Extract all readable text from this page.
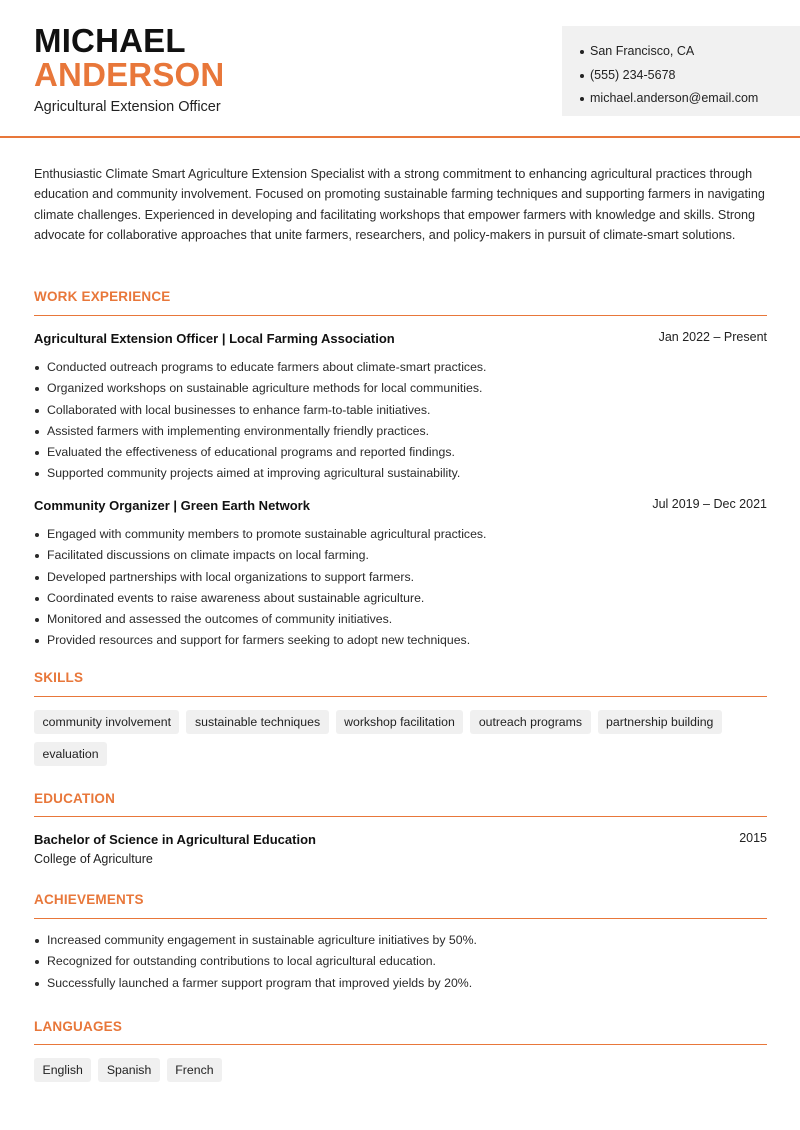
MICHAEL
ANDERSON
Agricultural Extension Officer
San Francisco, CA
(555) 234-5678
michael.anderson@email.com

Enthusiastic Climate Smart Agriculture Extension Specialist with a strong commitment to enhancing agricultural practices through education and community involvement. Focused on promoting sustainable farming techniques and supporting farmers in navigating climate challenges. Experienced in developing and facilitating workshops that empower farmers with knowledge and skills. Strong advocate for collaborative approaches that unite farmers, researchers, and policy-makers in pursuit of climate-smart solutions.

WORK EXPERIENCE
Agricultural Extension Officer | Local Farming Association	Jan 2022 – Present
Conducted outreach programs to educate farmers about climate-smart practices.
Organized workshops on sustainable agriculture methods for local communities.
Collaborated with local businesses to enhance farm-to-table initiatives.
Assisted farmers with implementing environmentally friendly practices.
Evaluated the effectiveness of educational programs and reported findings.
Supported community projects aimed at improving agricultural sustainability.
Community Organizer | Green Earth Network	Jul 2019 – Dec 2021
Engaged with community members to promote sustainable agricultural practices.
Facilitated discussions on climate impacts on local farming.
Developed partnerships with local organizations to support farmers.
Coordinated events to raise awareness about sustainable agriculture.
Monitored and assessed the outcomes of community initiatives.
Provided resources and support for farmers seeking to adopt new techniques.
SKILLS
community involvement	sustainable techniques	workshop facilitation	outreach programs	partnership building
evaluation
EDUCATION
Bachelor of Science in Agricultural Education	2015
College of Agriculture
ACHIEVEMENTS
Increased community engagement in sustainable agriculture initiatives by 50%.
Recognized for outstanding contributions to local agricultural education.
Successfully launched a farmer support program that improved yields by 20%.
LANGUAGES
English	Spanish	French
